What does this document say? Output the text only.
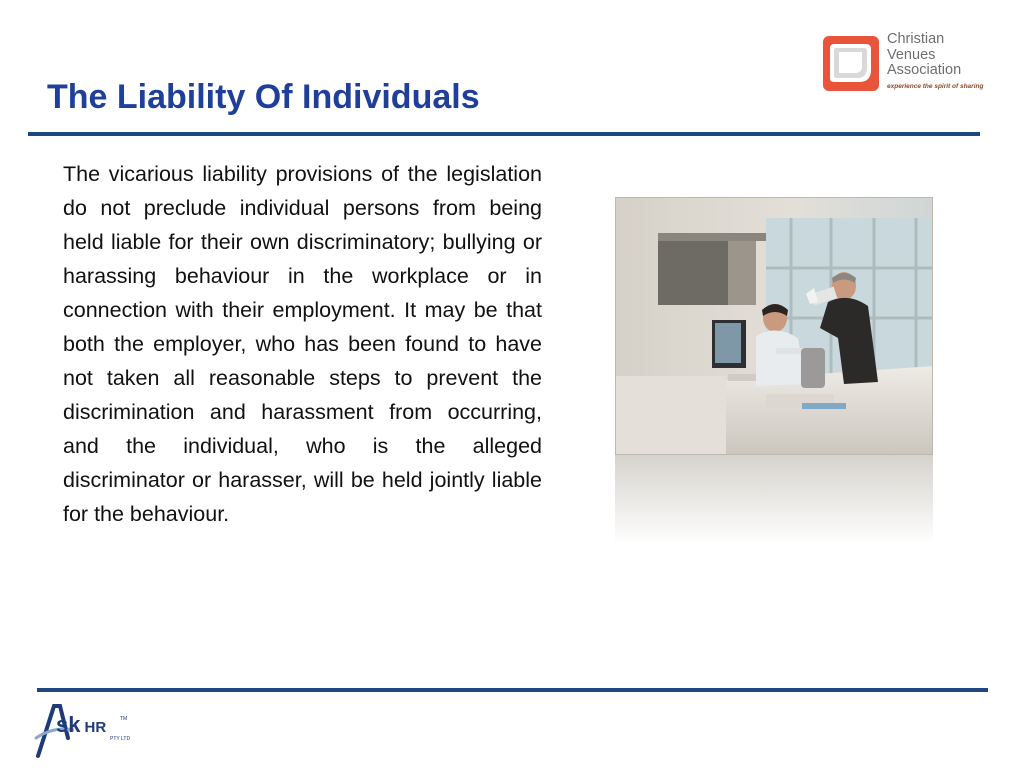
Christian
Venues
Association
experience the spirit of sharing
The Liability Of Individuals

The vicarious liability provisions of the legislation do not preclude individual persons from being held liable for their own discriminatory; bullying or harassing behaviour in the workplace or in connection with their employment. It may be that both the employer, who has been found to have not taken all reasonable steps to prevent the discrimination and harassment from occurring, and the individual, who is the alleged discriminator or harasser, will be held jointly liable for the behaviour.

sk HR	TM
PTY LTD
